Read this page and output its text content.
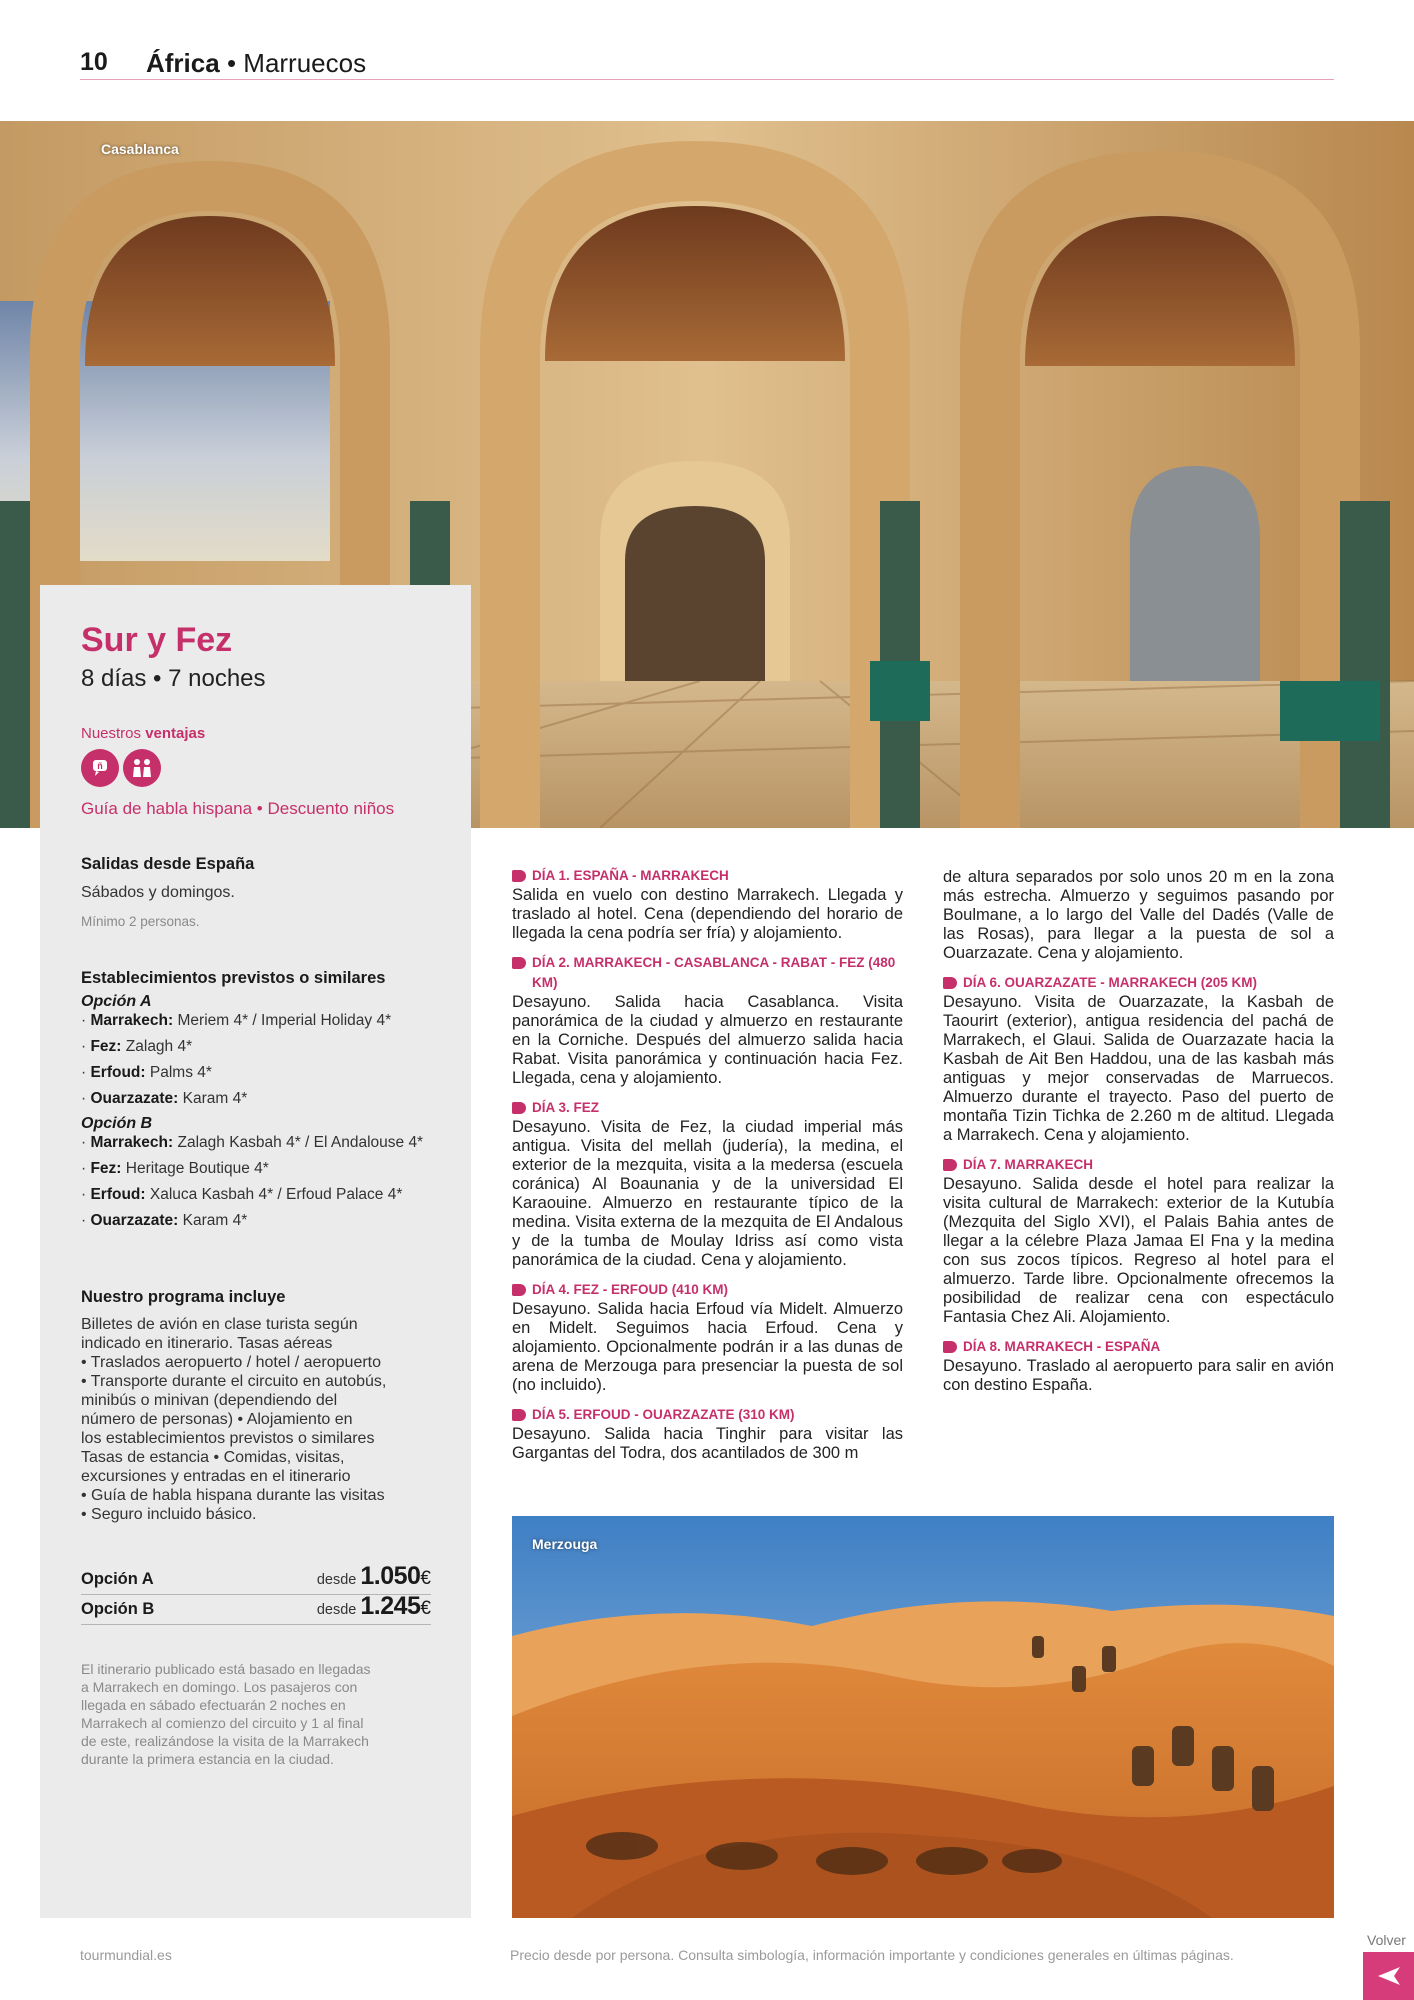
10 África • Marruecos
Casablanca
Sur y Fez
8 días • 7 noches
Nuestros ventajas
ñ
Guía de habla hispana • Descuento niños
Salidas desde España
Sábados y domingos.
Mínimo 2 personas.
Establecimientos previstos o similares
Opción A
· Marrakech: Meriem 4* / Imperial Holiday 4*
· Fez: Zalagh 4*
· Erfoud: Palms 4*
· Ouarzazate: Karam 4*
Opción B
· Marrakech: Zalagh Kasbah 4* / El Andalouse 4*
· Fez: Heritage Boutique 4*
· Erfoud: Xaluca Kasbah 4* / Erfoud Palace 4*
· Ouarzazate: Karam 4*
Nuestro programa incluye
Billetes de avión en clase turista según
indicado en itinerario. Tasas aéreas
• Traslados aeropuerto / hotel / aeropuerto
• Transporte durante el circuito en autobús,
minibús o minivan (dependiendo del
número de personas) • Alojamiento en
los establecimientos previstos o similares
Tasas de estancia • Comidas, visitas,
excursiones y entradas en el itinerario
• Guía de habla hispana durante las visitas
• Seguro incluido básico.
Opción A	desde 1.050€
Opción B	desde 1.245€
El itinerario publicado está basado en llegadas
a Marrakech en domingo. Los pasajeros con
llegada en sábado efectuarán 2 noches en
Marrakech al comienzo del circuito y 1 al final
de este, realizándose la visita de la Marrakech
durante la primera estancia en la ciudad.
DÍA 1. ESPAÑA - MARRAKECH
Salida en vuelo con destino Marrakech. Llegada y traslado al hotel. Cena (dependiendo del horario de llegada la cena podría ser fría) y alojamiento.
DÍA 2. MARRAKECH - CASABLANCA - RABAT - FEZ (480 KM)
Desayuno. Salida hacia Casablanca. Visita panorámica de la ciudad y almuerzo en restaurante en la Corniche. Después del almuerzo salida hacia Rabat. Visita panorámica y continuación hacia Fez. Llegada, cena y alojamiento.
DÍA 3. FEZ
Desayuno. Visita de Fez, la ciudad imperial más antigua. Visita del mellah (judería), la medina, el exterior de la mezquita, visita a la medersa (escuela coránica) Al Boaunania y de la universidad El Karaouine. Almuerzo en restaurante típico de la medina. Visita externa de la mezquita de El Andalous y de la tumba de Moulay Idriss así como vista panorámica de la ciudad. Cena y alojamiento.
DÍA 4. FEZ - ERFOUD (410 KM)
Desayuno. Salida hacia Erfoud vía Midelt. Almuerzo en Midelt. Seguimos hacia Erfoud. Cena y alojamiento. Opcionalmente podrán ir a las dunas de arena de Merzouga para presenciar la puesta de sol (no incluido).
DÍA 5. ERFOUD - OUARZAZATE (310 KM)
Desayuno. Salida hacia Tinghir para visitar las Gargantas del Todra, dos acantilados de 300 m
de altura separados por solo unos 20 m en la zona más estrecha. Almuerzo y seguimos pasando por Boulmane, a lo largo del Valle del Dadés (Valle de las Rosas), para llegar a la puesta de sol a Ouarzazate. Cena y alojamiento.
DÍA 6. OUARZAZATE - MARRAKECH (205 KM)
Desayuno. Visita de Ouarzazate, la Kasbah de Taourirt (exterior), antigua residencia del pachá de Marrakech, el Glaui. Salida de Ouarzazate hacia la Kasbah de Ait Ben Haddou, una de las kasbah más antiguas y mejor conservadas de Marruecos. Almuerzo durante el trayecto. Paso del puerto de montaña Tizin Tichka de 2.260 m de altitud. Llegada a Marrakech. Cena y alojamiento.
DÍA 7. MARRAKECH
Desayuno. Salida desde el hotel para realizar la visita cultural de Marrakech: exterior de la Kutubía (Mezquita del Siglo XVI), el Palais Bahia antes de llegar a la célebre Plaza Jamaa El Fna y la medina con sus zocos típicos. Regreso al hotel para el almuerzo. Tarde libre. Opcionalmente ofrecemos la posibilidad de realizar cena con espectáculo Fantasia Chez Ali. Alojamiento.
DÍA 8. MARRAKECH - ESPAÑA
Desayuno. Traslado al aeropuerto para salir en avión con destino España.
Merzouga
tourmundial.es	Precio desde por persona. Consulta simbología, información importante y condiciones generales en últimas páginas.
Volver
